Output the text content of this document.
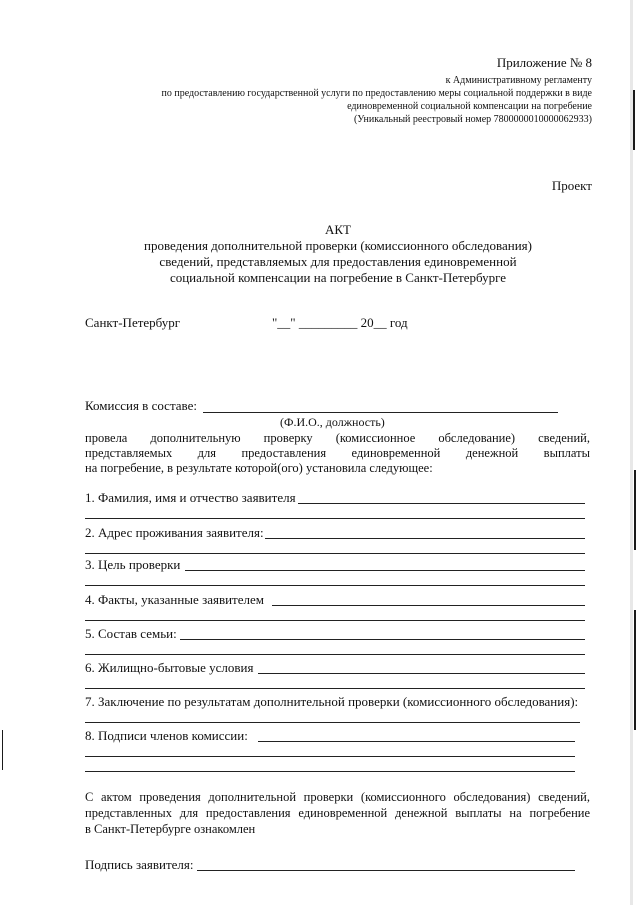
Приложение № 8
к Административному регламенту
по предоставлению государственной услуги по предоставлению меры социальной поддержки в виде
единовременной социальной компенсации на погребение
(Уникальный реестровый номер 7800000010000062933)
Проект
АКТ
проведения дополнительной проверки (комиссионного обследования)
сведений, представляемых для предоставления единовременной
социальной компенсации на погребение в Санкт-Петербурге
Санкт-Петербург	"__" _________ 20__ год
Комиссия в составе:
(Ф.И.О., должность)
провела дополнительную проверку (комиссионное обследование) сведений,
представляемых для предоставления единовременной денежной выплаты
на погребение, в результате которой(ого) установила следующее:
1. Фамилия, имя и отчество заявителя
2. Адрес проживания заявителя:
3. Цель проверки
4. Факты, указанные заявителем
5. Состав семьи:
6. Жилищно-бытовые условия
7. Заключение по результатам дополнительной проверки (комиссионного обследования):
8. Подписи членов комиссии:
С актом проведения дополнительной проверки (комиссионного обследования) сведений,
представленных для предоставления единовременной денежной выплаты на погребение
в Санкт-Петербурге ознакомлен
Подпись заявителя:
